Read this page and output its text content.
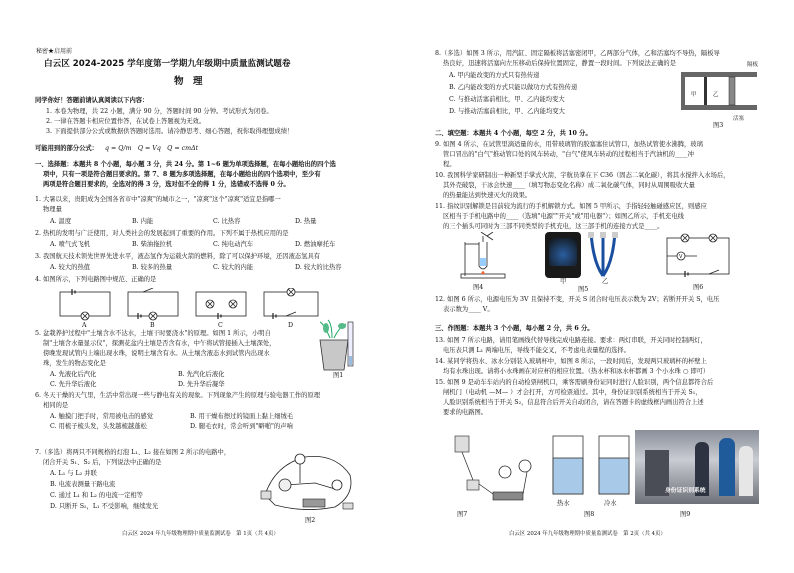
秘密★启用前
白云区 2024-2025 学年度第一学期九年级期中质量监测试题卷
物　理
同学你好！答题前请认真阅读以下内容：
1. 本卷为物理，共 22 小题，满分 90 分，答题时间 90 分钟。考试形式为闭卷。
2. 一律在答题卡相应位置作答，在试卷上答题视为无效。
3. 下面提供部分公式或数据供答题时选用。请冷静思考、细心答题，祝你取得理想成绩！
可能用到的部分公式： q = Q/m　Q = Vq　Q = cmΔt
一、选择题：本题共 8 个小题，每小题 3 分，共 24 分。第 1~6 题为单项选择题，在每小题给出的四个选
项中，只有一项是符合题目要求的。第 7、8 题为多项选择题，在每小题给出的四个选项中，至少有
两项是符合题目要求的，全选对的得 3 分，选对但不全的得 1 分，选错或不选得 0 分。
1. 大暑以来，贵阳成为全国各省市中"凉爽"的城市之一，"凉爽"这个"凉爽"适宜是指哪一
物理量
A. 温度	B. 内能	C. 比热容	D. 热量
2. 热机的发明与广泛使用，对人类社会的发展起到了重要的作用。下列不属于热机应用的是
A. 喷气式飞机	B. 柴油拖拉机	C. 纯电动汽车	D. 燃油摩托车
3. 我国航天技术领先世界先进水平，液态氢作为运载火箭的燃料，除了可以保护环境，还因液态氢具有
A. 较大的热值	B. 较多的热量	C. 较大的内能	D. 较大的比热容
4. 如图所示，下列电路图中规范、正确的是
A	B	C	D
5. 盆栽养护过程中"土壤含水不达水，土壤干时要浇水"的原理。如图 1 所示，小明自
制"土壤含水量显示仪"，探测花盆内土壤是否含有水，中午将试管接插入土壤深处，
傍晚发现试管内上端出现水珠，说明土壤含有水。从土壤含液态水到试管内出现水
珠，发生的物态变化是
A. 先液化后汽化	B. 先汽化后液化
C. 先升华后液化	D. 先升华后凝华
图1
6. 冬天干燥的天气里，生活中常出现一些与静电有关的现象。下列现象产生的原理与验电器工作的原理
相同的是
A. 触摸门把手时，常用被电击的感觉	B. 用干燥布擦过的镜面上黏上细绒毛
C. 用梳子梳头发，头发越梳越蓬松	D. 腿毛衣时，常会听到"噼啪"的声响
7.（多选）将两只不同规格的灯泡 L₁、L₂ 接在如图 2 所示的电路中，
闭合开关 S₁、S₂ 后，下列说法中正确的是
A. L₁ 与 L₂ 并联
B. 电流表测量干路电流
C. 通过 L₁ 和 L₂ 的电流一定相等
D. 只断开 S₂，L₁ 不受影响，继续发光
图2
白云区 2024 年九年级物理期中质量监测试卷　第 1页（共 4页）
8.（多选）如图 3 所示，用汽缸、固定隔板将活塞密闭甲，乙两部分气体，乙和活塞均不导热，隔板导
热良好，迅速将活塞向左压移动后保持位置固定，静置一段时间。下列说法正确的是
A. 甲内能改变的方式只有热传递
B. 乙内能改变的方式只能以做功方式有热传递
C. 与推动活塞前相比，甲、乙内能均变大
D. 与推动活塞前相比，甲、乙内能均变大
隔板
甲	乙
活塞
图3
二、填空题：本题共 4 个小题，每空 2 分，共 10 分。
9. 如图 4 所示，在试管里滴适量的水，用带玻璃管的胶塞塞住试管口，加热试管使水沸腾，玻璃
管口冒出的"白气"推动管口处的风车转动，"白气"使风车转动的过程相当于汽油机的____冲
程。
10. 我国科学家研制出一种新型手掌式火箭，宇航员掌在下 C36（固态二氧化碳），将其水搅拌入水场后，
其外壳破裂，干冰会快速____（填写物态变化名称）成二氧化碳气体，同时从周围吸收大量
的热量能达到快速灭火的效果。
11. 指纹识别解锁是目前较为流行的手机解锁方式。如图 5 甲所示，手指轻轻触碰感应区，则感应
区相当于手机电路中的____（选填"电源""开关"或"用电器"）；如图乙所示，手机充电线
的三个插头可同时为三部不同类型的手机充电，这三部手机的连接方式是____。
图4
甲	乙
图5
V
图6
12. 如图 6 所示，电源电压为 3V 且保持不变，开关 S 闭合时电压表示数为 2V；若断开开关 S，电压
表示数为____ V。
三、作图题：本题共 3 个小题，每小题 2 分，共 6 分。
13. 如图 7 所示电路，请用笔画线代替导线完成电路连接。要求：两灯串联，开关同时控制两灯，
电压表只测 L₁ 两端电压，导线不能交叉，不考虑电表量程的选择。
14. 某同学将热水、冰水分别装入玻璃杯中，如图 8 所示，一段时间后，发现两只玻璃杯的杯壁上
均有水珠出现。请将小水珠画在对应杯的相应位置。（热水杯和冰水杯都画 3 个小水珠 ○ 即可）
15. 如图 9 是动车车站内的自动检票闸机口，乘客需刷身份证同时进行人脸识别，两个信息都符合后
闸机门（电动机 —M— ）才会打开，方可检票通过。其中，身份证识别系统相当于开关 S₁，
人脸识别系统相当于开关 S₂，信息符合后开关自动闭合，请在答题卡的虚线框内画出符合上述
要求的电路图。
图7
热水	冷水
图8
身份证识别系统
图9
白云区 2024 年九年级物理期中质量监测试卷　第 2页（共 4页）
